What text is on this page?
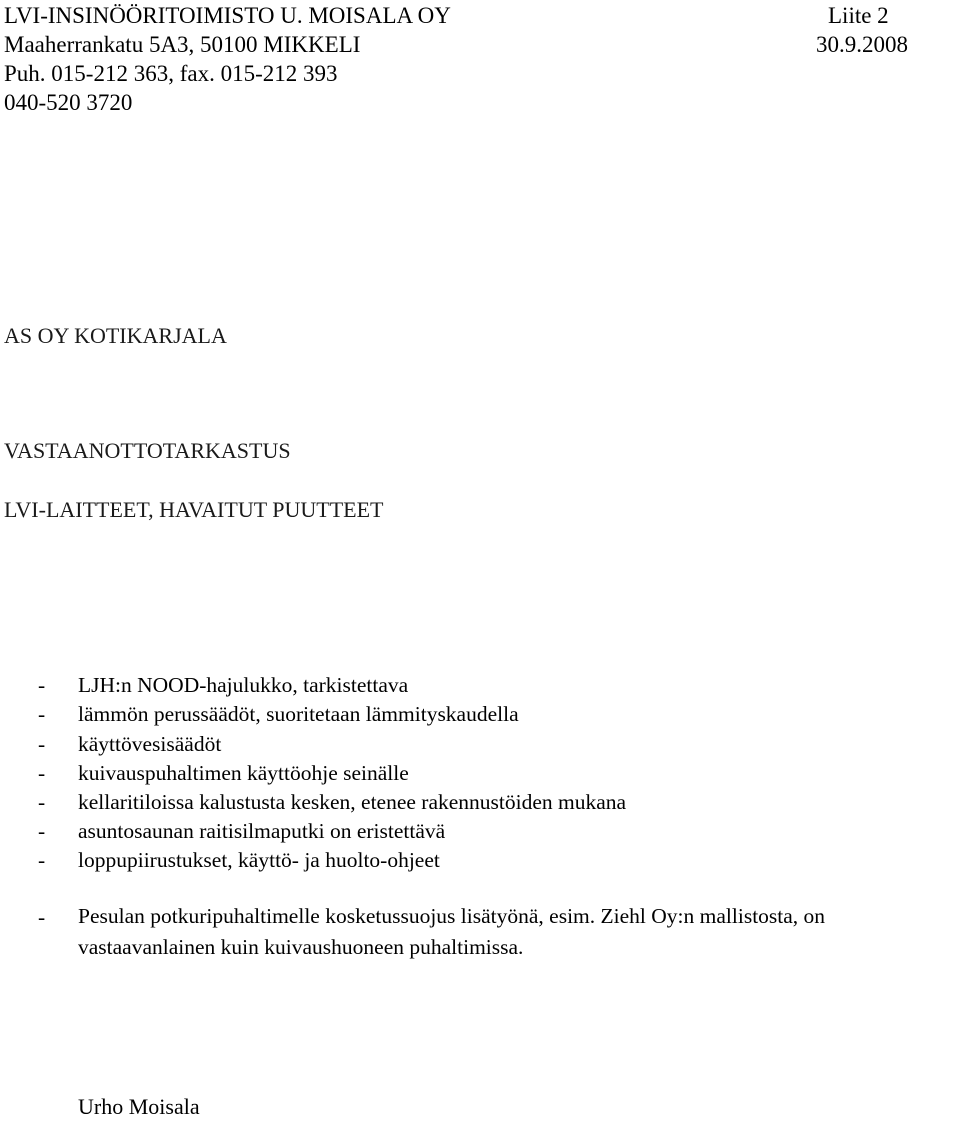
LVI-INSINÖÖRITOIMISTO U. MOISALA OY	Liite 2
Maaherrankatu 5A3, 50100 MIKKELI	30.9.2008
Puh. 015-212 363, fax. 015-212 393
040-520 3720
AS OY KOTIKARJALA
VASTAANOTTOTARKASTUS
LVI-LAITTEET, HAVAITUT PUUTTEET
- LJH:n NOOD-hajulukko, tarkistettava
- lämmön perussäädöt, suoritetaan lämmityskaudella
- käyttövesisäädöt
- kuivauspuhaltimen käyttöohje seinälle
- kellaritiloissa kalustusta kesken, etenee rakennustöiden mukana
- asuntosaunan raitisilmaputki on eristettävä
- loppupiirustukset, käyttö- ja huolto-ohjeet
- Pesulan potkuripuhaltimelle kosketussuojus lisätyönä, esim. Ziehl Oy:n mallistosta, on vastaavanlainen kuin kuivaushuoneen puhaltimissa.
Urho Moisala
